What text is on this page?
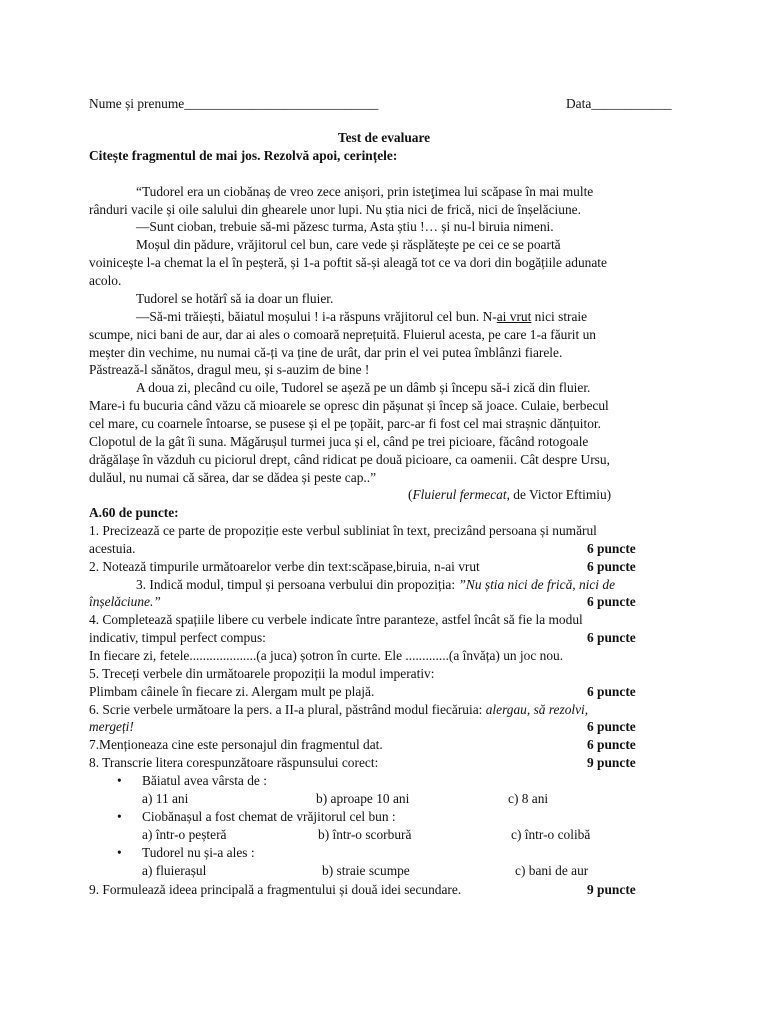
Nume și prenume_____________________________	Data____________
Test de evaluare
Citește fragmentul de mai jos. Rezolvă apoi, cerințele:
“Tudorel era un ciobănaș de vreo zece anișori, prin isteţimea lui scăpase în mai multe
rânduri vacile și oile salului din ghearele unor lupi. Nu știa nici de frică, nici de înșelăciune.
—Sunt cioban, trebuie să-mi păzesc turma, Asta știu !… și nu-l biruia nimeni.
Moșul din pădure, vrăjitorul cel bun, care vede și răsplătește pe cei ce se poartă
voinicește l-a chemat la el în peșteră, și 1-a poftit să-și aleagă tot ce va dori din bogățiile adunate
acolo.
Tudorel se hotărî să ia doar un fluier.
—Să-mi trăiești, băiatul moșului ! i-a răspuns vrăjitorul cel bun. N-ai vrut nici straie
scumpe, nici bani de aur, dar ai ales o comoară neprețuită. Fluierul acesta, pe care 1-a făurit un
meșter din vechime, nu numai că-ți va ține de urât, dar prin el vei putea îmblânzi fiarele.
Păstrează-l sănătos, dragul meu, și s-auzim de bine !
A doua zi, plecând cu oile, Tudorel se așeză pe un dâmb și începu să-i zică din fluier.
Mare-i fu bucuria când văzu că mioarele se opresc din pășunat și încep să joace. Culaie, berbecul
cel mare, cu coarnele întoarse, se pusese și el pe țopăit, parc-ar fi fost cel mai strașnic dănțuitor.
Clopotul de la gât îi suna. Măgărușul turmei juca și el, când pe trei picioare, făcând rotogoale
drăgălașe în văzduh cu piciorul drept, când ridicat pe două picioare, ca oamenii. Cât despre Ursu,
dulăul, nu numai că sărea, dar se dădea și peste cap..”
(Fluierul fermecat, de Victor Eftimiu)
A.60 de puncte:
1. Precizează ce parte de propoziție este verbul subliniat în text, precizând persoana și numărul
acestuia.	6 puncte
2. Notează timpurile următoarelor verbe din text:scăpase,biruia, n-ai vrut	6 puncte
3. Indică modul, timpul și persoana verbului din propoziția: ”Nu știa nici de frică, nici de
înșelăciune.”	6 puncte
4. Completează spațiile libere cu verbele indicate între paranteze, astfel încât să fie la modul
indicativ, timpul perfect compus:	6 puncte
In fiecare zi, fetele....................(a juca) șotron în curte. Ele .............(a învăța) un joc nou.
5. Treceți verbele din următoarele propoziții la modul imperativ:
Plimbam câinele în fiecare zi. Alergam mult pe plajă.	6 puncte
6. Scrie verbele următoare la pers. a II-a plural, păstrând modul fiecăruia: alergau, să rezolvi,
mergeți!	6 puncte
7.Menționeaza cine este personajul din fragmentul dat.	6 puncte
8. Transcrie litera corespunzătoare răspunsului corect:	9 puncte
• Băiatul avea vârsta de :
a) 11 ani	b) aproape 10 ani	c) 8 ani
• Ciobănașul a fost chemat de vrăjitorul cel bun :
a) într-o peșteră	b) într-o scorbură	c) într-o colibă
• Tudorel nu și-a ales :
a) fluierașul	b) straie scumpe	c) bani de aur
9. Formulează ideea principală a fragmentului și două idei secundare.	9 puncte
